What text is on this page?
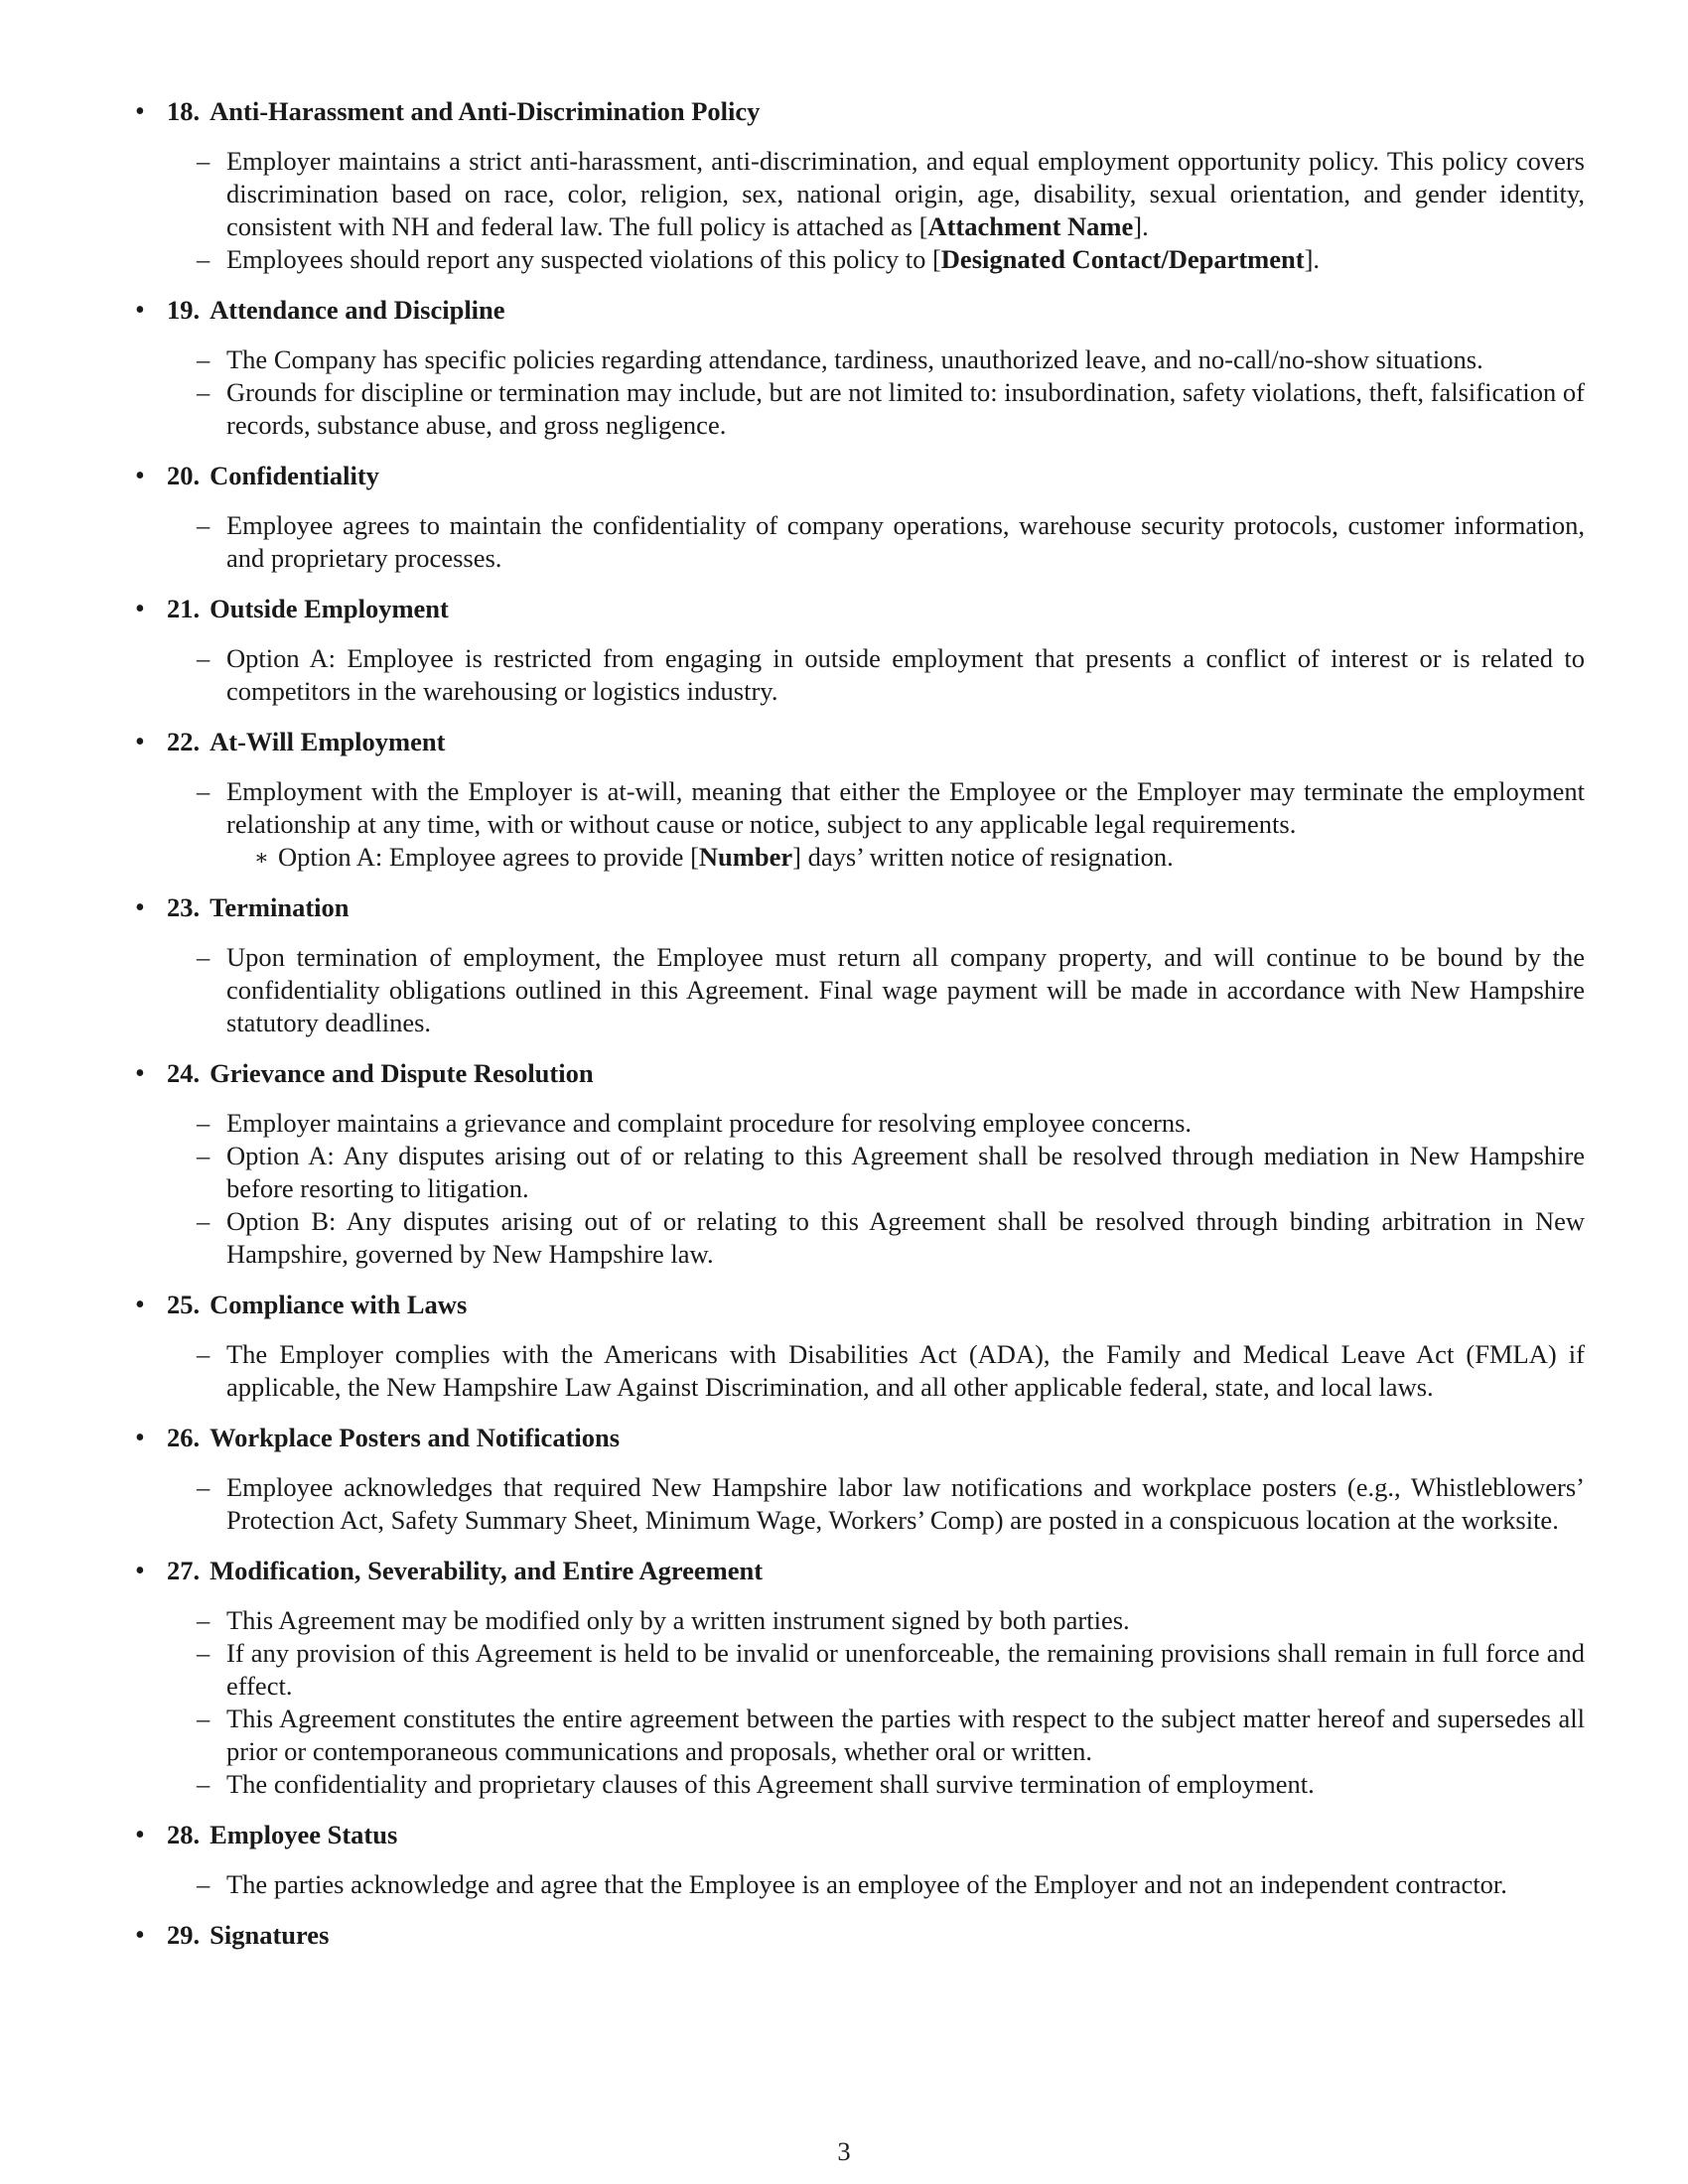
• 18. Anti-Harassment and Anti-Discrimination Policy
– Employer maintains a strict anti-harassment, anti-discrimination, and equal employment opportunity policy. This policy covers discrimination based on race, color, religion, sex, national origin, age, disability, sexual orientation, and gender identity, consistent with NH and federal law. The full policy is attached as [Attachment Name].
– Employees should report any suspected violations of this policy to [Designated Contact/Department].
• 19. Attendance and Discipline
– The Company has specific policies regarding attendance, tardiness, unauthorized leave, and no-call/no-show situations.
– Grounds for discipline or termination may include, but are not limited to: insubordination, safety violations, theft, falsification of records, substance abuse, and gross negligence.
• 20. Confidentiality
– Employee agrees to maintain the confidentiality of company operations, warehouse security protocols, customer information, and proprietary processes.
• 21. Outside Employment
– Option A: Employee is restricted from engaging in outside employment that presents a conflict of interest or is related to competitors in the warehousing or logistics industry.
• 22. At-Will Employment
– Employment with the Employer is at-will, meaning that either the Employee or the Employer may terminate the employment relationship at any time, with or without cause or notice, subject to any applicable legal requirements.
∗ Option A: Employee agrees to provide [Number] days’ written notice of resignation.
• 23. Termination
– Upon termination of employment, the Employee must return all company property, and will continue to be bound by the confidentiality obligations outlined in this Agreement. Final wage payment will be made in accordance with New Hampshire statutory deadlines.
• 24. Grievance and Dispute Resolution
– Employer maintains a grievance and complaint procedure for resolving employee concerns.
– Option A: Any disputes arising out of or relating to this Agreement shall be resolved through mediation in New Hampshire before resorting to litigation.
– Option B: Any disputes arising out of or relating to this Agreement shall be resolved through binding arbitration in New Hampshire, governed by New Hampshire law.
• 25. Compliance with Laws
– The Employer complies with the Americans with Disabilities Act (ADA), the Family and Medical Leave Act (FMLA) if applicable, the New Hampshire Law Against Discrimination, and all other applicable federal, state, and local laws.
• 26. Workplace Posters and Notifications
– Employee acknowledges that required New Hampshire labor law notifications and workplace posters (e.g., Whistleblowers’ Protection Act, Safety Summary Sheet, Minimum Wage, Workers’ Comp) are posted in a conspicuous location at the worksite.
• 27. Modification, Severability, and Entire Agreement
– This Agreement may be modified only by a written instrument signed by both parties.
– If any provision of this Agreement is held to be invalid or unenforceable, the remaining provisions shall remain in full force and effect.
– This Agreement constitutes the entire agreement between the parties with respect to the subject matter hereof and supersedes all prior or contemporaneous communications and proposals, whether oral or written.
– The confidentiality and proprietary clauses of this Agreement shall survive termination of employment.
• 28. Employee Status
– The parties acknowledge and agree that the Employee is an employee of the Employer and not an independent contractor.
• 29. Signatures
3
